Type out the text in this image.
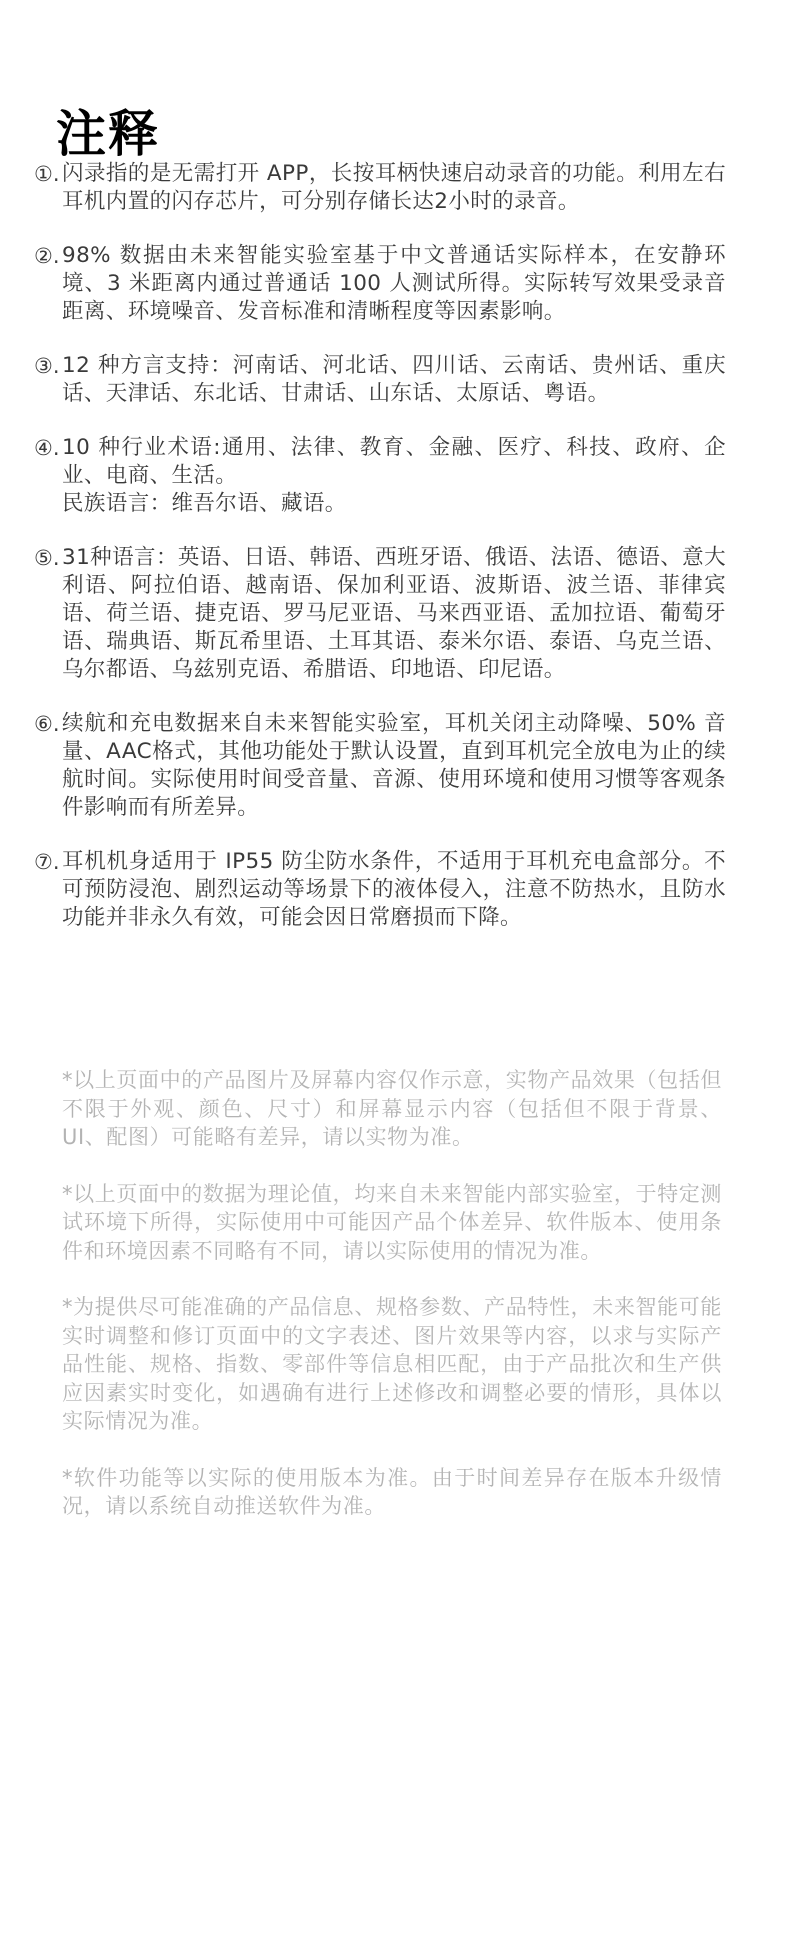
注释
①. 闪录指的是无需打开 APP，长按耳柄快速启动录音的功能。利用左右耳机内置的闪存芯片，可分别存储长达2小时的录音。
②. 98% 数据由未来智能实验室基于中文普通话实际样本，在安静环境、3 米距离内通过普通话 100 人测试所得。实际转写效果受录音距离、环境噪音、发音标准和清晰程度等因素影响。
③. 12 种方言支持：河南话、河北话、四川话、云南话、贵州话、重庆话、天津话、东北话、甘肃话、山东话、太原话、粤语。
④. 10 种行业术语:通用、法律、教育、金融、医疗、科技、政府、企业、电商、生活。
民族语言：维吾尔语、藏语。
⑤. 31种语言：英语、日语、韩语、西班牙语、俄语、法语、德语、意大利语、阿拉伯语、越南语、保加利亚语、波斯语、波兰语、菲律宾语、荷兰语、捷克语、罗马尼亚语、马来西亚语、孟加拉语、葡萄牙语、瑞典语、斯瓦希里语、土耳其语、泰米尔语、泰语、乌克兰语、乌尔都语、乌兹别克语、希腊语、印地语、印尼语。
⑥. 续航和充电数据来自未来智能实验室，耳机关闭主动降噪、50% 音量、AAC格式，其他功能处于默认设置，直到耳机完全放电为止的续航时间。实际使用时间受音量、音源、使用环境和使用习惯等客观条件影响而有所差异。
⑦. 耳机机身适用于 IP55 防尘防水条件，不适用于耳机充电盒部分。不可预防浸泡、剧烈运动等场景下的液体侵入，注意不防热水，且防水功能并非永久有效，可能会因日常磨损而下降。

*以上页面中的产品图片及屏幕内容仅作示意，实物产品效果（包括但不限于外观、颜色、尺寸）和屏幕显示内容（包括但不限于背景、UI、配图）可能略有差异，请以实物为准。

*以上页面中的数据为理论值，均来自未来智能内部实验室，于特定测试环境下所得，实际使用中可能因产品个体差异、软件版本、使用条件和环境因素不同略有不同，请以实际使用的情况为准。

*为提供尽可能准确的产品信息、规格参数、产品特性，未来智能可能实时调整和修订页面中的文字表述、图片效果等内容，以求与实际产品性能、规格、指数、零部件等信息相匹配，由于产品批次和生产供应因素实时变化，如遇确有进行上述修改和调整必要的情形，具体以实际情况为准。

*软件功能等以实际的使用版本为准。由于时间差异存在版本升级情况，请以系统自动推送软件为准。
